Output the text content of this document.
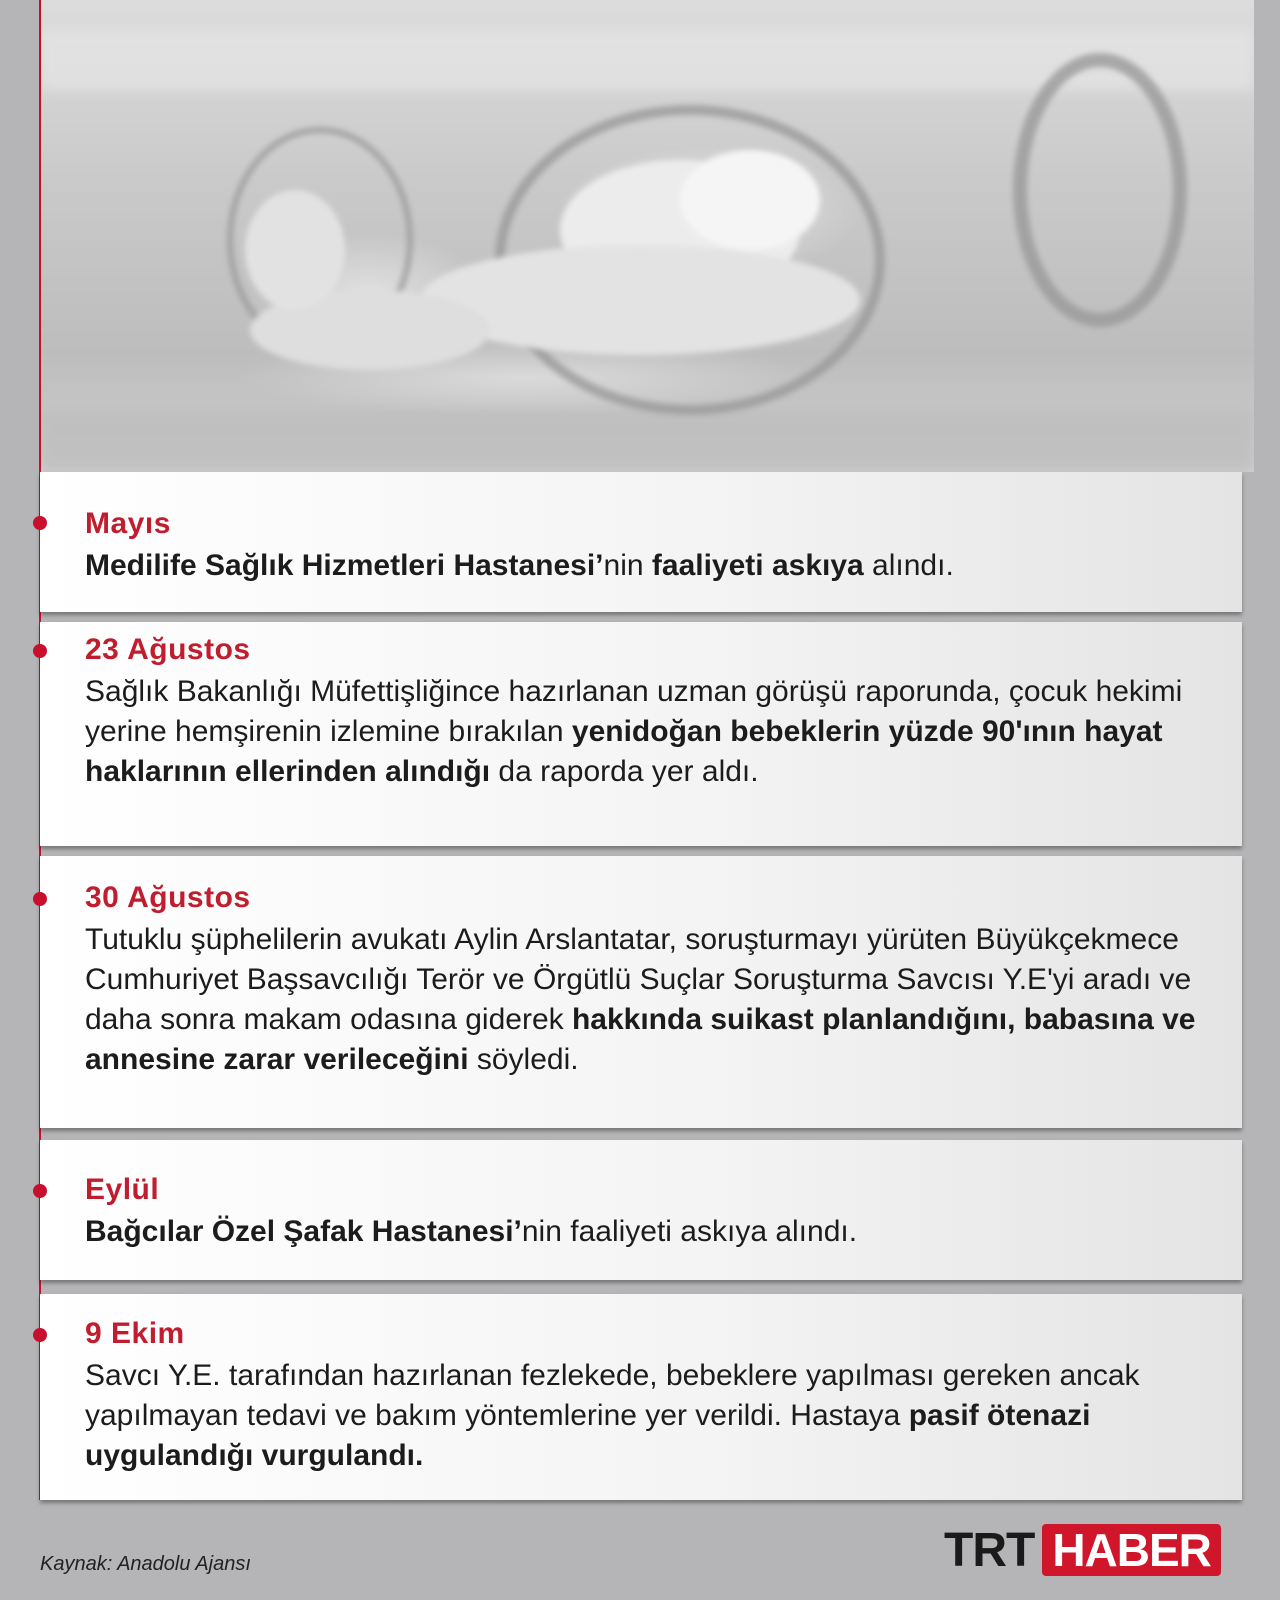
Mayıs
Medilife Sağlık Hizmetleri Hastanesi’nin faaliyeti askıya alındı.
23 Ağustos
Sağlık Bakanlığı Müfettişliğince hazırlanan uzman görüşü raporunda, çocuk hekimi yerine hemşirenin izlemine bırakılan yenidoğan bebeklerin yüzde 90'ının hayat haklarının ellerinden alındığı da raporda yer aldı.
30 Ağustos
Tutuklu şüphelilerin avukatı Aylin Arslantatar, soruşturmayı yürüten Büyükçekmece Cumhuriyet Başsavcılığı Terör ve Örgütlü Suçlar Soruşturma Savcısı Y.E'yi aradı ve daha sonra makam odasına giderek hakkında suikast planlandığını, babasına ve annesine zarar verileceğini söyledi.
Eylül
Bağcılar Özel Şafak Hastanesi’nin faaliyeti askıya alındı.
9 Ekim
Savcı Y.E. tarafından hazırlanan fezlekede, bebeklere yapılması gereken ancak yapılmayan tedavi ve bakım yöntemlerine yer verildi. Hastaya pasif ötenazi uygulandığı vurgulandı.
Kaynak: Anadolu Ajansı	TRT HABER
